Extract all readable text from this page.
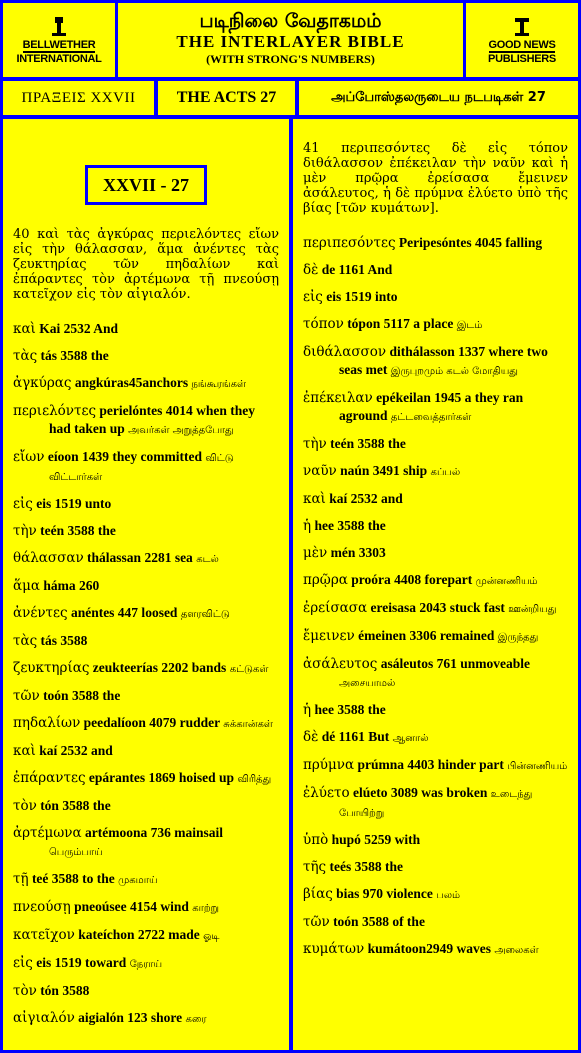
BELLWETHER
INTERNATIONAL
படிநிலை வேதாகமம்
THE INTERLAYER BIBLE
(WITH STRONG'S NUMBERS)
GOOD NEWS
PUBLISHERS
ΠΡΑΞΕΙΣ XXVII	THE ACTS 27	அப்போஸ்தலருடைய நடபடிகள் 27
XXVII - 27
40 καὶ τὰς ἀγκύρας περιελόντες εἴων εἰς τὴν θάλασσαν, ἅμα ἀνέντες τὰς ζευκτηρίας τῶν πηδαλίων καὶ ἐπάραντες τὸν ἀρτέμωνα τῇ πνεούσῃ κατεῖχον εἰς τὸν αἰγιαλόν.
καὶ Kai 2532 And
τὰς tás 3588 the
ἀγκύρας angkúras45anchors நங்கூரங்கள்
περιελόντες perielóntes 4014 when they had taken up அவர்கள் அறுத்தபோது
εἴων eíoon 1439 they committed விட்டு விட்டார்கள்
εἰς eis 1519 unto
τὴν teén 3588 the
θάλασσαν thálassan 2281 sea கடல்
ἅμα háma 260
ἀνέντες anéntes 447 loosed தளரவிட்டு
τὰς tás 3588
ζευκτηρίας zeukteerías 2202 bands கட்டுகள்
τῶν toón 3588 the
πηδαλίων peedalíoon 4079 rudder சுக்கான்கள்
καὶ kaí 2532 and
ἐπάραντες epárantes 1869 hoised up விரித்து
τὸν tón 3588 the
ἀρτέμωνα artémoona 736 mainsail பெரும்பாய்
τῇ teé 3588 to the முகமாய்
πνεούσῃ pneoúsee 4154 wind காற்று
κατεῖχον kateíchon 2722 made ஓடி
εἰς eis 1519 toward நேராய்
τὸν tón 3588
αἰγιαλόν aigialón 123 shore கரை
41 περιπεσόντες δὲ εἰς τόπον διθάλασσον ἐπέκειλαν τὴν ναῦν καὶ ἡ μὲν πρῷρα ἐρείσασα ἔμεινεν ἀσάλευτος, ἡ δὲ πρύμνα ἐλύετο ὑπὸ τῆς βίας [τῶν κυμάτων].
περιπεσόντες Peripesóntes 4045 falling
δὲ de 1161 And
εἰς eis 1519 into
τόπον tópon 5117 a place இடம்
διθάλασσον dithálasson 1337 where two seas met இருபுறமும் கடல் மோதியது
ἐπέκειλαν epékeilan 1945 a they ran aground தட்டவைத்தார்கள்
τὴν teén 3588 the
ναῦν naún 3491 ship கப்பல்
καὶ kaí 2532 and
ἡ hee 3588 the
μὲν mén 3303
πρῷρα proóra 4408 forepart முன்னணியம்
ἐρείσασα ereisasa 2043 stuck fast ஊன்றியது
ἔμεινεν émeinen 3306 remained இருந்தது
ἀσάλευτος asáleutos 761 unmoveable அசையாமல்
ἡ hee 3588 the
δὲ dé 1161 But ஆனால்
πρύμνα prúmna 4403 hinder part பின்னணியம்
ἐλύετο elúeto 3089 was broken உடைந்து போயிற்று
ὑπὸ hupó 5259 with
τῆς teés 3588 the
βίας bias 970 violence பலம்
τῶν toón 3588 of the
κυμάτων kumátoon2949 waves அலைகள்
